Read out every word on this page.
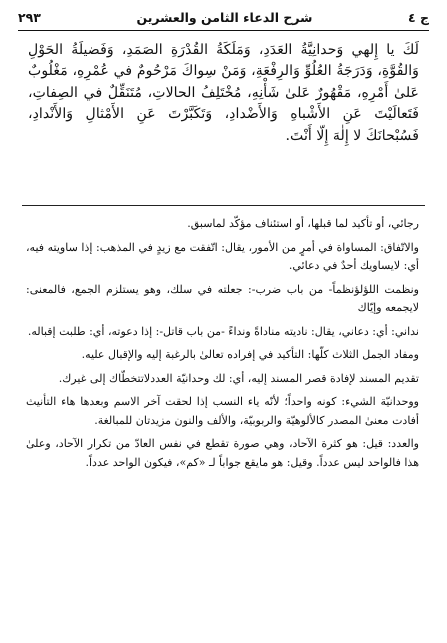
ج ٤
شرح الدعاء الثامن والعشرين
٢٩٣

لَكَ يا إِلهي وَحدانِيَّةُ العَدَدِ، وَمَلَكَةُ القُدْرَةِ الصَمَدِ، وَفَضيلَةُ الحَوْلِ وَالقُوَّةِ، وَدَرَجَةُ العُلُوِّ وَالرِفْعَةِ، وَمَنْ سِواكَ مَرْحُومٌ في عُمْرِهِ، مَغْلُوبٌ عَلىٰ أَمْرِهِ، مَقْهُورٌ عَلىٰ شَأْنِهِ، مُخْتَلِفُ الحالاتِ، مُتَنَقِّلٌ في الصِفاتِ، فَتَعالَيْتَ عَنِ الأَشْباهِ وَالأَضْدادِ، وَتَكَبَّرْتَ عَنِ الأَمْثالِ وَالأَنْدادِ، فَسُبْحانَكَ لا إِلٰهَ إِلّا أَنْتَ.

رجائي، أو تأكيد لما قبلها، أو استئناف مؤكّد لماسبق.

والاتّفاق: المساواة في أمرٍ من الأمور، يقال: اتّفقت مع زيدٍ في المذهب: إذا ساويته فيه، أي: لايساويك أحدٌ في دعائي.

ونظمت اللؤلؤنظماً- من باب ضرب-: جعلته في سلك، وهو يستلزم الجمع، فالمعنى: لايجمعه وإيّاك

نداني: أي: دعاني، يقال: ناديته مناداةً ونداءً -من باب قاتل-: إذا دعوته، أي: طلبت إقباله.

ومفاد الجمل الثلاث كلّها: التأكيد في إفراده تعالىٰ بالرغبة إليه والإقبال عليه.

تقديم المسند لإفادة قصر المسند إليه، أي: لك وحدانيّة العددلاتتخطّاك إلى غيرك.

ووحدانيّة الشيء: كونه واحداً؛ لأنّه ياء النسب إذا لحقت آخر الاسم وبعدها هاء التأنيث أفادت معنىٰ المصدر كالألوهيّة والربوبيّة، والألف والنون مزيدتان للمبالغة.

والعدد: قيل: هو كثرة الآحاد، وهي صورة تقطع في نفس العادّ من تكرار الآحاد، وعلىٰ هذا فالواحد ليس عدداً. وقيل: هو مايقع جواباً لـ «كم»، فيكون الواحد عدداً.
